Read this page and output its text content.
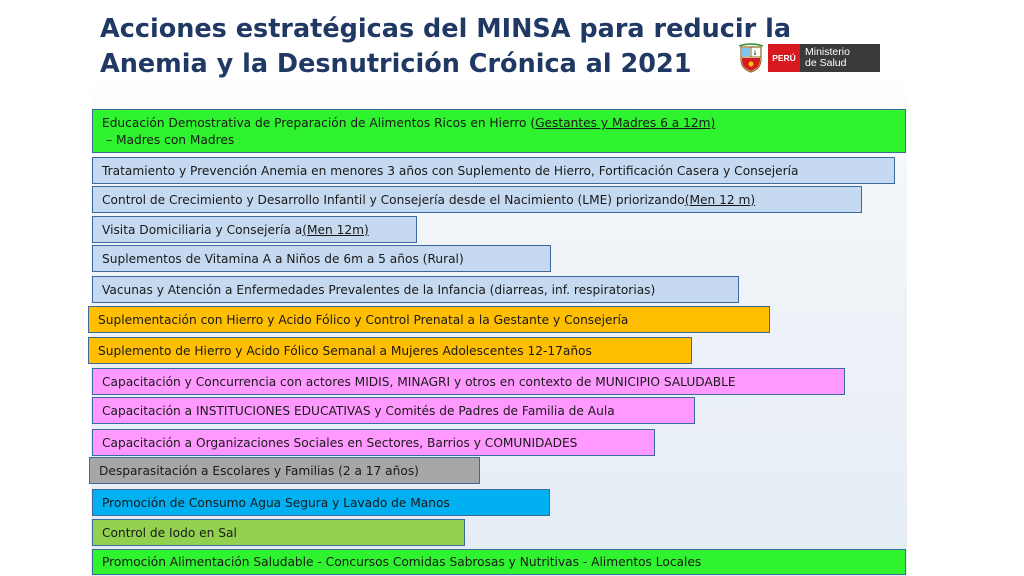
Acciones estratégicas del MINSA para reducir la
Anemia y la Desnutrición Crónica al 2021	PERÚ Ministerio
de Salud
Educación Demostrativa de Preparación de Alimentos Ricos en Hierro (Gestantes y Madres 6 a 12m)
– Madres con Madres
Tratamiento y Prevención Anemia en menores 3 años con Suplemento de Hierro, Fortificación Casera y Consejería
Control de Crecimiento y Desarrollo Infantil y Consejería desde el Nacimiento (LME) priorizando (Men 12 m)
Visita Domiciliaria y Consejería a (Men 12m)
Suplementos de Vitamina A a Niños de 6m a 5 años (Rural)
Vacunas y Atención a Enfermedades Prevalentes de la Infancia (diarreas, inf. respiratorias)
Suplementación con Hierro y Acido Fólico y Control Prenatal a la Gestante y Consejería
Suplemento de Hierro y Acido Fólico Semanal a Mujeres Adolescentes 12-17años
Capacitación y Concurrencia con actores MIDIS, MINAGRI y otros en contexto de MUNICIPIO SALUDABLE
Capacitación a INSTITUCIONES EDUCATIVAS y Comités de Padres de Familia de Aula
Capacitación a Organizaciones Sociales en Sectores, Barrios y COMUNIDADES
Desparasitación a Escolares y Familias (2 a 17 años)
Promoción de Consumo Agua Segura y Lavado de Manos
Control de Iodo en Sal
Promoción Alimentación Saludable - Concursos Comidas Sabrosas y Nutritivas - Alimentos Locales
